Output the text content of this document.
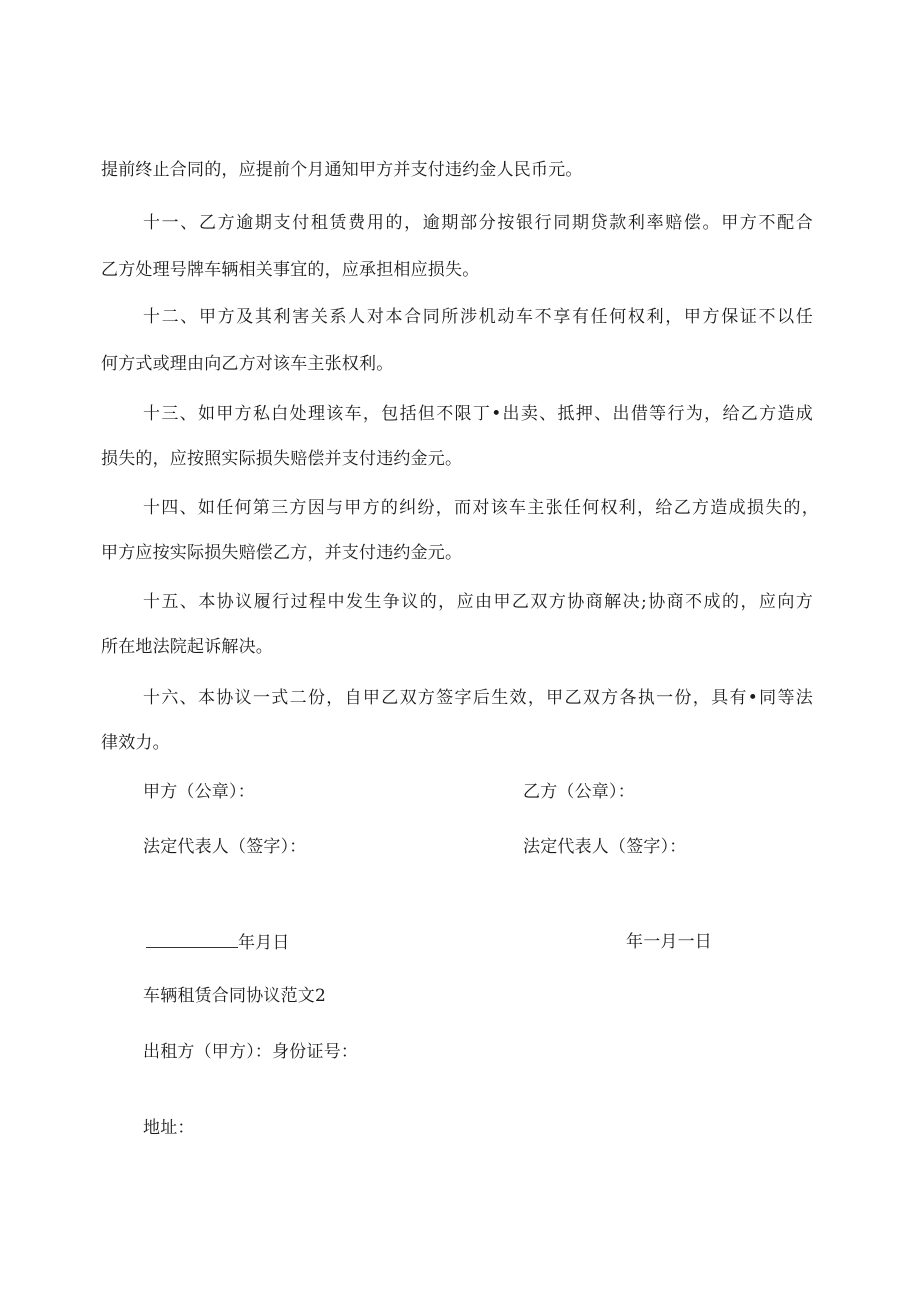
提前终止合同的，应提前个月通知甲方并支付违约金人民币元。
十一、乙方逾期支付租赁费用的，逾期部分按银行同期贷款利率赔偿。甲方不配合
乙方处理号牌车辆相关事宜的，应承担相应损失。
十二、甲方及其利害关系人对本合同所涉机动车不享有任何权利，甲方保证不以任
何方式或理由向乙方对该车主张权利。
十三、如甲方私白处理该车，包括但不限丁•出卖、抵押、出借等行为，给乙方造成
损失的，应按照实际损失赔偿并支付违约金元。
十四、如任何第三方因与甲方的纠纷，而对该车主张任何权利，给乙方造成损失的，
甲方应按实际损失赔偿乙方，并支付违约金元。
十五、本协议履行过程中发生争议的，应由甲乙双方协商解决;协商不成的，应向方
所在地法院起诉解决。
十六、本协议一式二份，自甲乙双方签字后生效，甲乙双方各执一份，具有•同等法
律效力。
甲方（公章）：	乙方（公章）：
法定代表人（签字）：	法定代表人（签字）：
年月日	年一月一日
车辆租赁合同协议范文2
出租方（甲方）：身份证号：
地址：
